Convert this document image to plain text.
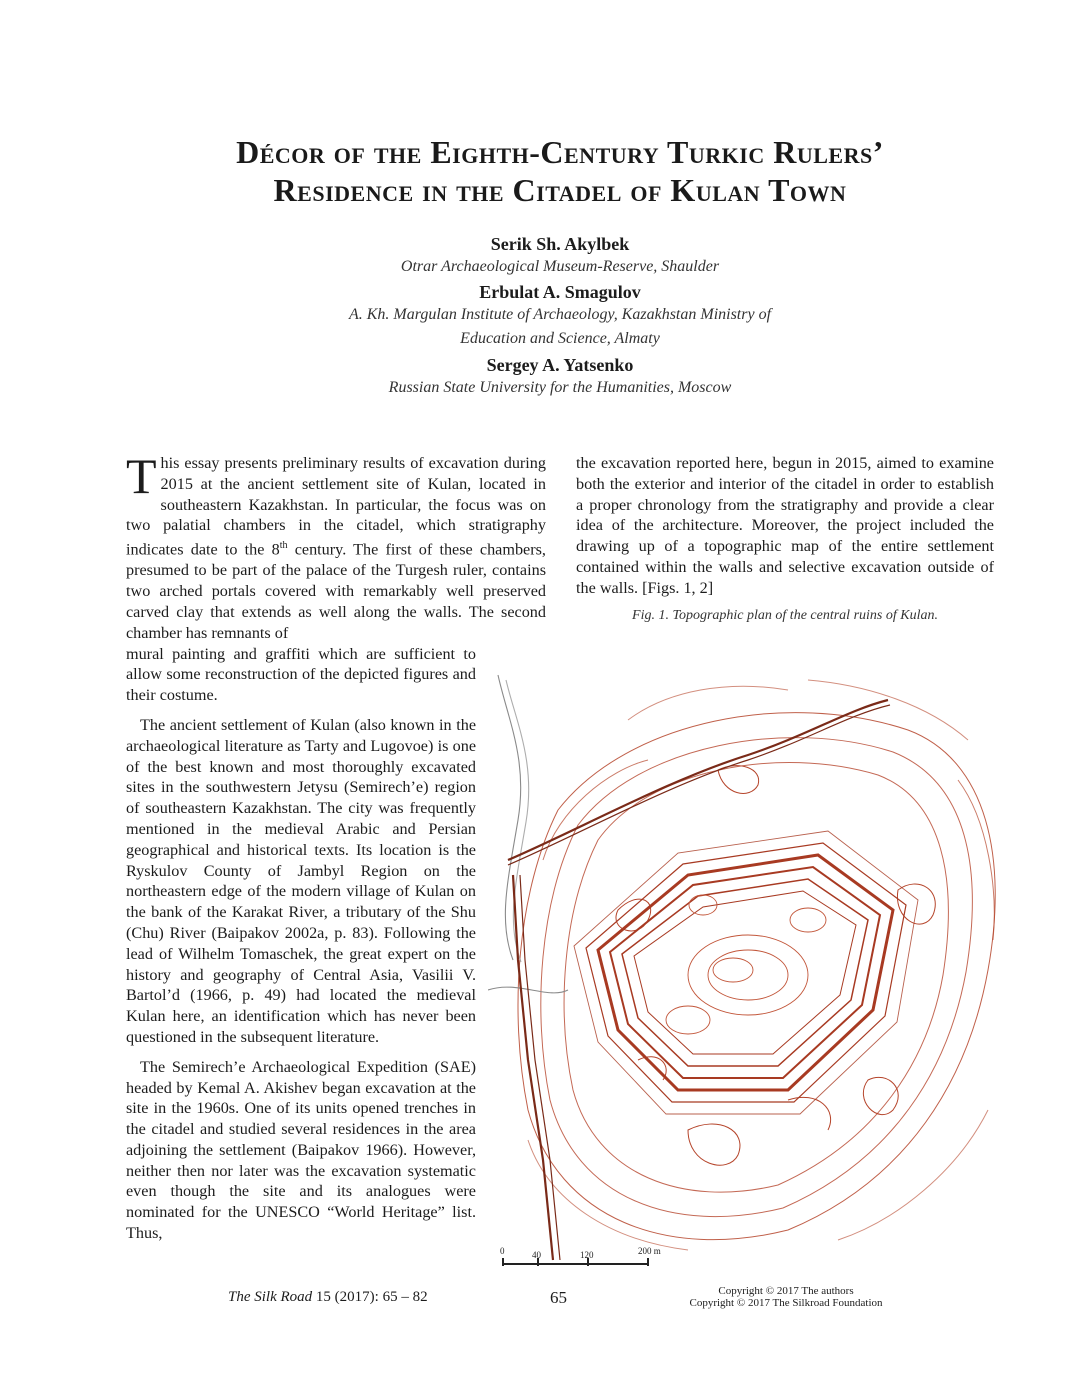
Décor of the Eighth-Century Turkic Rulers’
Residence in the Citadel of Kulan Town
Serik Sh. Akylbek
Otrar Archaeological Museum-Reserve, Shaulder
Erbulat A. Smagulov
A. Kh. Margulan Institute of Archaeology, Kazakhstan Ministry of
Education and Science, Almaty
Sergey A. Yatsenko
Russian State University for the Humanities, Moscow

This essay presents preliminary results of excavation during 2015 at the ancient settlement site of Kulan, located in southeastern Kazakhstan. In particular, the focus was on two palatial chambers in the citadel, which stratigraphy indicates date to the 8th century. The first of these chambers, presumed to be part of the palace of the Turgesh ruler, contains two arched portals covered with remarkably well preserved carved clay that extends as well along the walls. The second chamber has remnants of
mural painting and graffiti which are sufficient to allow some reconstruction of the depicted figures and their costume.

The ancient settlement of Kulan (also known in the archaeological literature as Tarty and Lugovoe) is one of the best known and most thoroughly excavated sites in the southwestern Jetysu (Semirech’e) region of southeastern Kazakhstan. The city was frequently mentioned in the medieval Arabic and Persian geographical and historical texts. Its location is the Ryskulov County of Jambyl Region on the northeastern edge of the modern village of Kulan on the bank of the Karakat River, a tributary of the Shu (Chu) River (Baipakov 2002a, p. 83). Following the lead of Wilhelm Tomaschek, the great expert on the history and geography of Central Asia, Vasilii V. Bartol’d (1966, p. 49) had located the medieval Kulan here, an identification which has never been questioned in the subsequent literature.

The Semirech’e Archaeological Expedition (SAE) headed by Kemal A. Akishev began excavation at the site in the 1960s. One of its units opened trenches in the citadel and studied several residences in the area adjoining the settlement (Baipakov 1966). However, neither then nor later was the excavation systematic even though the site and its analogues were nominated for the UNESCO “World Heritage” list. Thus,

the excavation reported here, begun in 2015, aimed to examine both the exterior and interior of the citadel in order to establish a proper chronology from the stratigraphy and provide a clear idea of the architecture. Moreover, the project included the drawing up of a topographic map of the entire settlement contained within the walls and selective excavation outside of the walls. [Figs. 1, 2]

Fig. 1. Topographic plan of the central ruins of Kulan.
0	40	120	200 m
The Silk Road 15 (2017): 65 – 82	65	Copyright © 2017 The authors
Copyright © 2017 The Silkroad Foundation
